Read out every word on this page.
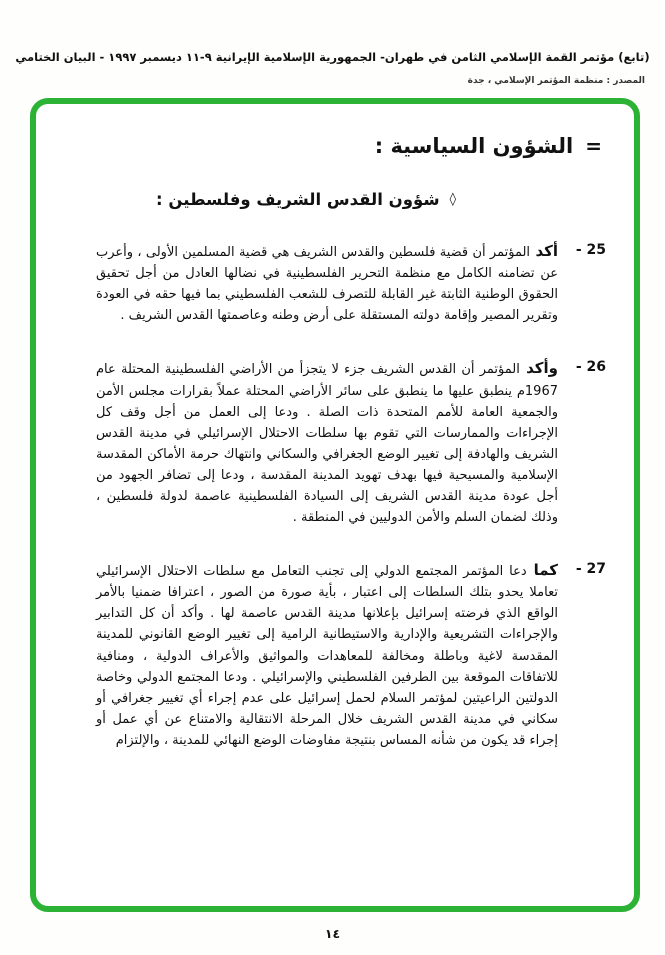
(تابع) مؤتمر القمة الإسلامي الثامن في طهران- الجمهورية الإسلامية الإيرانية ٩-١١ ديسمبر ١٩٩٧ - البيان الختامي
المصدر : منظمة المؤتمر الإسلامي ، جدة
=
الشؤون السياسية :
◊
شؤون القدس الشريف وفلسطين :
25 -
أكد المؤتمر أن قضية فلسطين والقدس الشريف هي قضية المسلمين الأولى ، وأعرب عن تضامنه الكامل مع منظمة التحرير الفلسطينية في نضالها العادل من أجل تحقيق الحقوق الوطنية الثابتة غير القابلة للتصرف للشعب الفلسطيني بما فيها حقه في العودة وتقرير المصير وإقامة دولته المستقلة على أرض وطنه وعاصمتها القدس الشريف .
26 -
وأكد المؤتمر أن القدس الشريف جزء لا يتجزأ من الأراضي الفلسطينية المحتلة عام 1967م ينطبق عليها ما ينطبق على سائر الأراضي المحتلة عملاً بقرارات مجلس الأمن والجمعية العامة للأمم المتحدة ذات الصلة . ودعا إلى العمل من أجل وقف كل الإجراءات والممارسات التي تقوم بها سلطات الاحتلال الإسرائيلي في مدينة القدس الشريف والهادفة إلى تغيير الوضع الجغرافي والسكاني وانتهاك حرمة الأماكن المقدسة الإسلامية والمسيحية فيها بهدف تهويد المدينة المقدسة ، ودعا إلى تضافر الجهود من أجل عودة مدينة القدس الشريف إلى السيادة الفلسطينية عاصمة لدولة فلسطين ، وذلك لضمان السلم والأمن الدوليين في المنطقة .
27 -
كما دعا المؤتمر المجتمع الدولي إلى تجنب التعامل مع سلطات الاحتلال الإسرائيلي تعاملا يحدو بتلك السلطات إلى اعتبار ، بأية صورة من الصور ، اعترافا ضمنيا بالأمر الواقع الذي فرضته إسرائيل بإعلانها مدينة القدس عاصمة لها . وأكد أن كل التدابير والإجراءات التشريعية والإدارية والاستيطانية الرامية إلى تغيير الوضع القانوني للمدينة المقدسة لاغية وباطلة ومخالفة للمعاهدات والمواثيق والأعراف الدولية ، ومنافية للاتفاقات الموقعة بين الطرفين الفلسطيني والإسرائيلي . ودعا المجتمع الدولي وخاصة الدولتين الراعيتين لمؤتمر السلام لحمل إسرائيل على عدم إجراء أي تغيير جغرافي أو سكاني في مدينة القدس الشريف خلال المرحلة الانتقالية والامتناع عن أي عمل أو إجراء قد يكون من شأنه المساس بنتيجة مفاوضات الوضع النهائي للمدينة ، والإلتزام
١٤
